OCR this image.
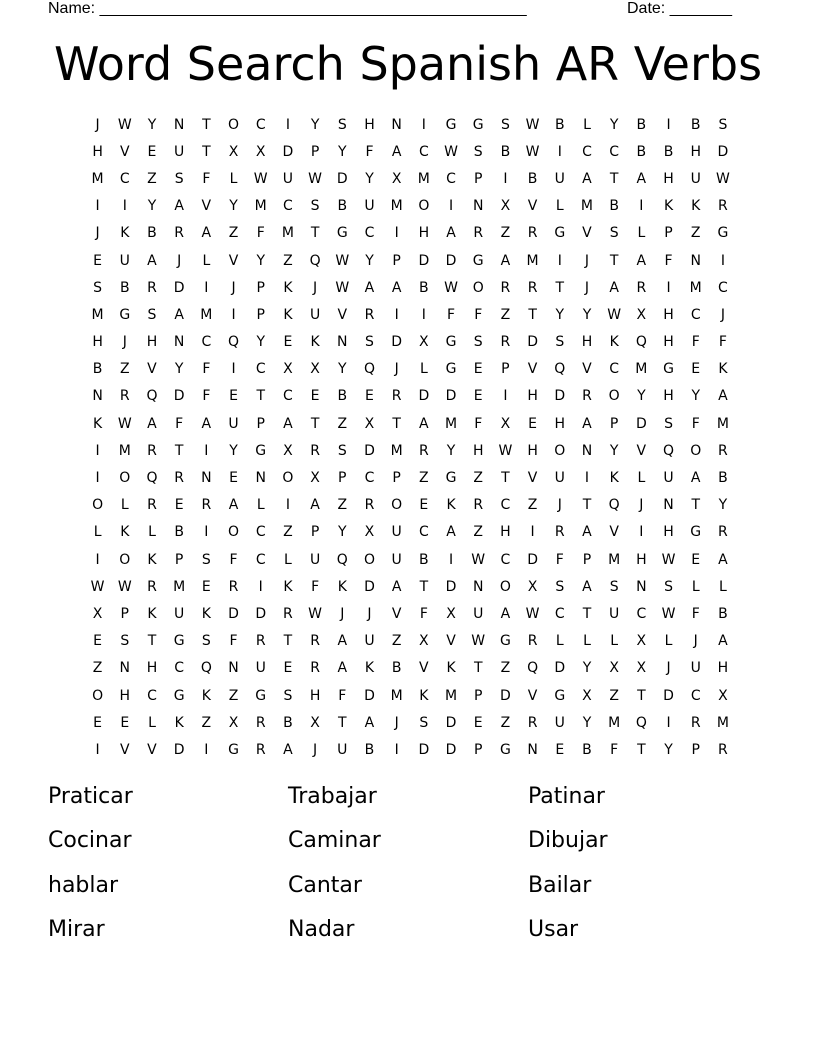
Name: ________________________________________________	Date: _______
Word Search Spanish AR Verbs
J	W	Y	N	T	O	C	I	Y	S	H	N	I	G	G	S	W	B	L	Y	B	I	B	S
H	V	E	U	T	X	X	D	P	Y	F	A	C	W	S	B	W	I	C	C	B	B	H	D
M	C	Z	S	F	L	W	U	W	D	Y	X	M	C	P	I	B	U	A	T	A	H	U	W
I	I	Y	A	V	Y	M	C	S	B	U	M	O	I	N	X	V	L	M	B	I	K	K	R
J	K	B	R	A	Z	F	M	T	G	C	I	H	A	R	Z	R	G	V	S	L	P	Z	G
E	U	A	J	L	V	Y	Z	Q	W	Y	P	D	D	G	A	M	I	J	T	A	F	N	I
S	B	R	D	I	J	P	K	J	W	A	A	B	W	O	R	R	T	J	A	R	I	M	C
M	G	S	A	M	I	P	K	U	V	R	I	I	F	F	Z	T	Y	Y	W	X	H	C	J
H	J	H	N	C	Q	Y	E	K	N	S	D	X	G	S	R	D	S	H	K	Q	H	F	F
B	Z	V	Y	F	I	C	X	X	Y	Q	J	L	G	E	P	V	Q	V	C	M	G	E	K
N	R	Q	D	F	E	T	C	E	B	E	R	D	D	E	I	H	D	R	O	Y	H	Y	A
K	W	A	F	A	U	P	A	T	Z	X	T	A	M	F	X	E	H	A	P	D	S	F	M
I	M	R	T	I	Y	G	X	R	S	D	M	R	Y	H	W	H	O	N	Y	V	Q	O	R
I	O	Q	R	N	E	N	O	X	P	C	P	Z	G	Z	T	V	U	I	K	L	U	A	B
O	L	R	E	R	A	L	I	A	Z	R	O	E	K	R	C	Z	J	T	Q	J	N	T	Y
L	K	L	B	I	O	C	Z	P	Y	X	U	C	A	Z	H	I	R	A	V	I	H	G	R
I	O	K	P	S	F	C	L	U	Q	O	U	B	I	W	C	D	F	P	M	H	W	E	A
W W	R	M	E	R	I	K	F	K	D	A	T	D	N	O	X	S	A	S	N	S	L	L
X	P	K	U	K	D	D	R	W	J	J	V	F	X	U	A	W	C	T	U	C	W	F	B
E	S	T	G	S	F	R	T	R	A	U	Z	X	V	W	G	R	L	L	L	X	L	J	A
Z	N	H	C	Q	N	U	E	R	A	K	B	V	K	T	Z	Q	D	Y	X	X	J	U	H
O	H	C	G	K	Z	G	S	H	F	D	M	K	M	P	D	V	G	X	Z	T	D	C	X
E	E	L	K	Z	X	R	B	X	T	A	J	S	D	E	Z	R	U	Y	M	Q	I	R	M
I	V	V	D	I	G	R	A	J	U	B	I	D	D	P	G	N	E	B	F	T	Y	P	R
Praticar	Trabajar	Patinar
Cocinar	Caminar	Dibujar
hablar	Cantar	Bailar
Mirar	Nadar	Usar
